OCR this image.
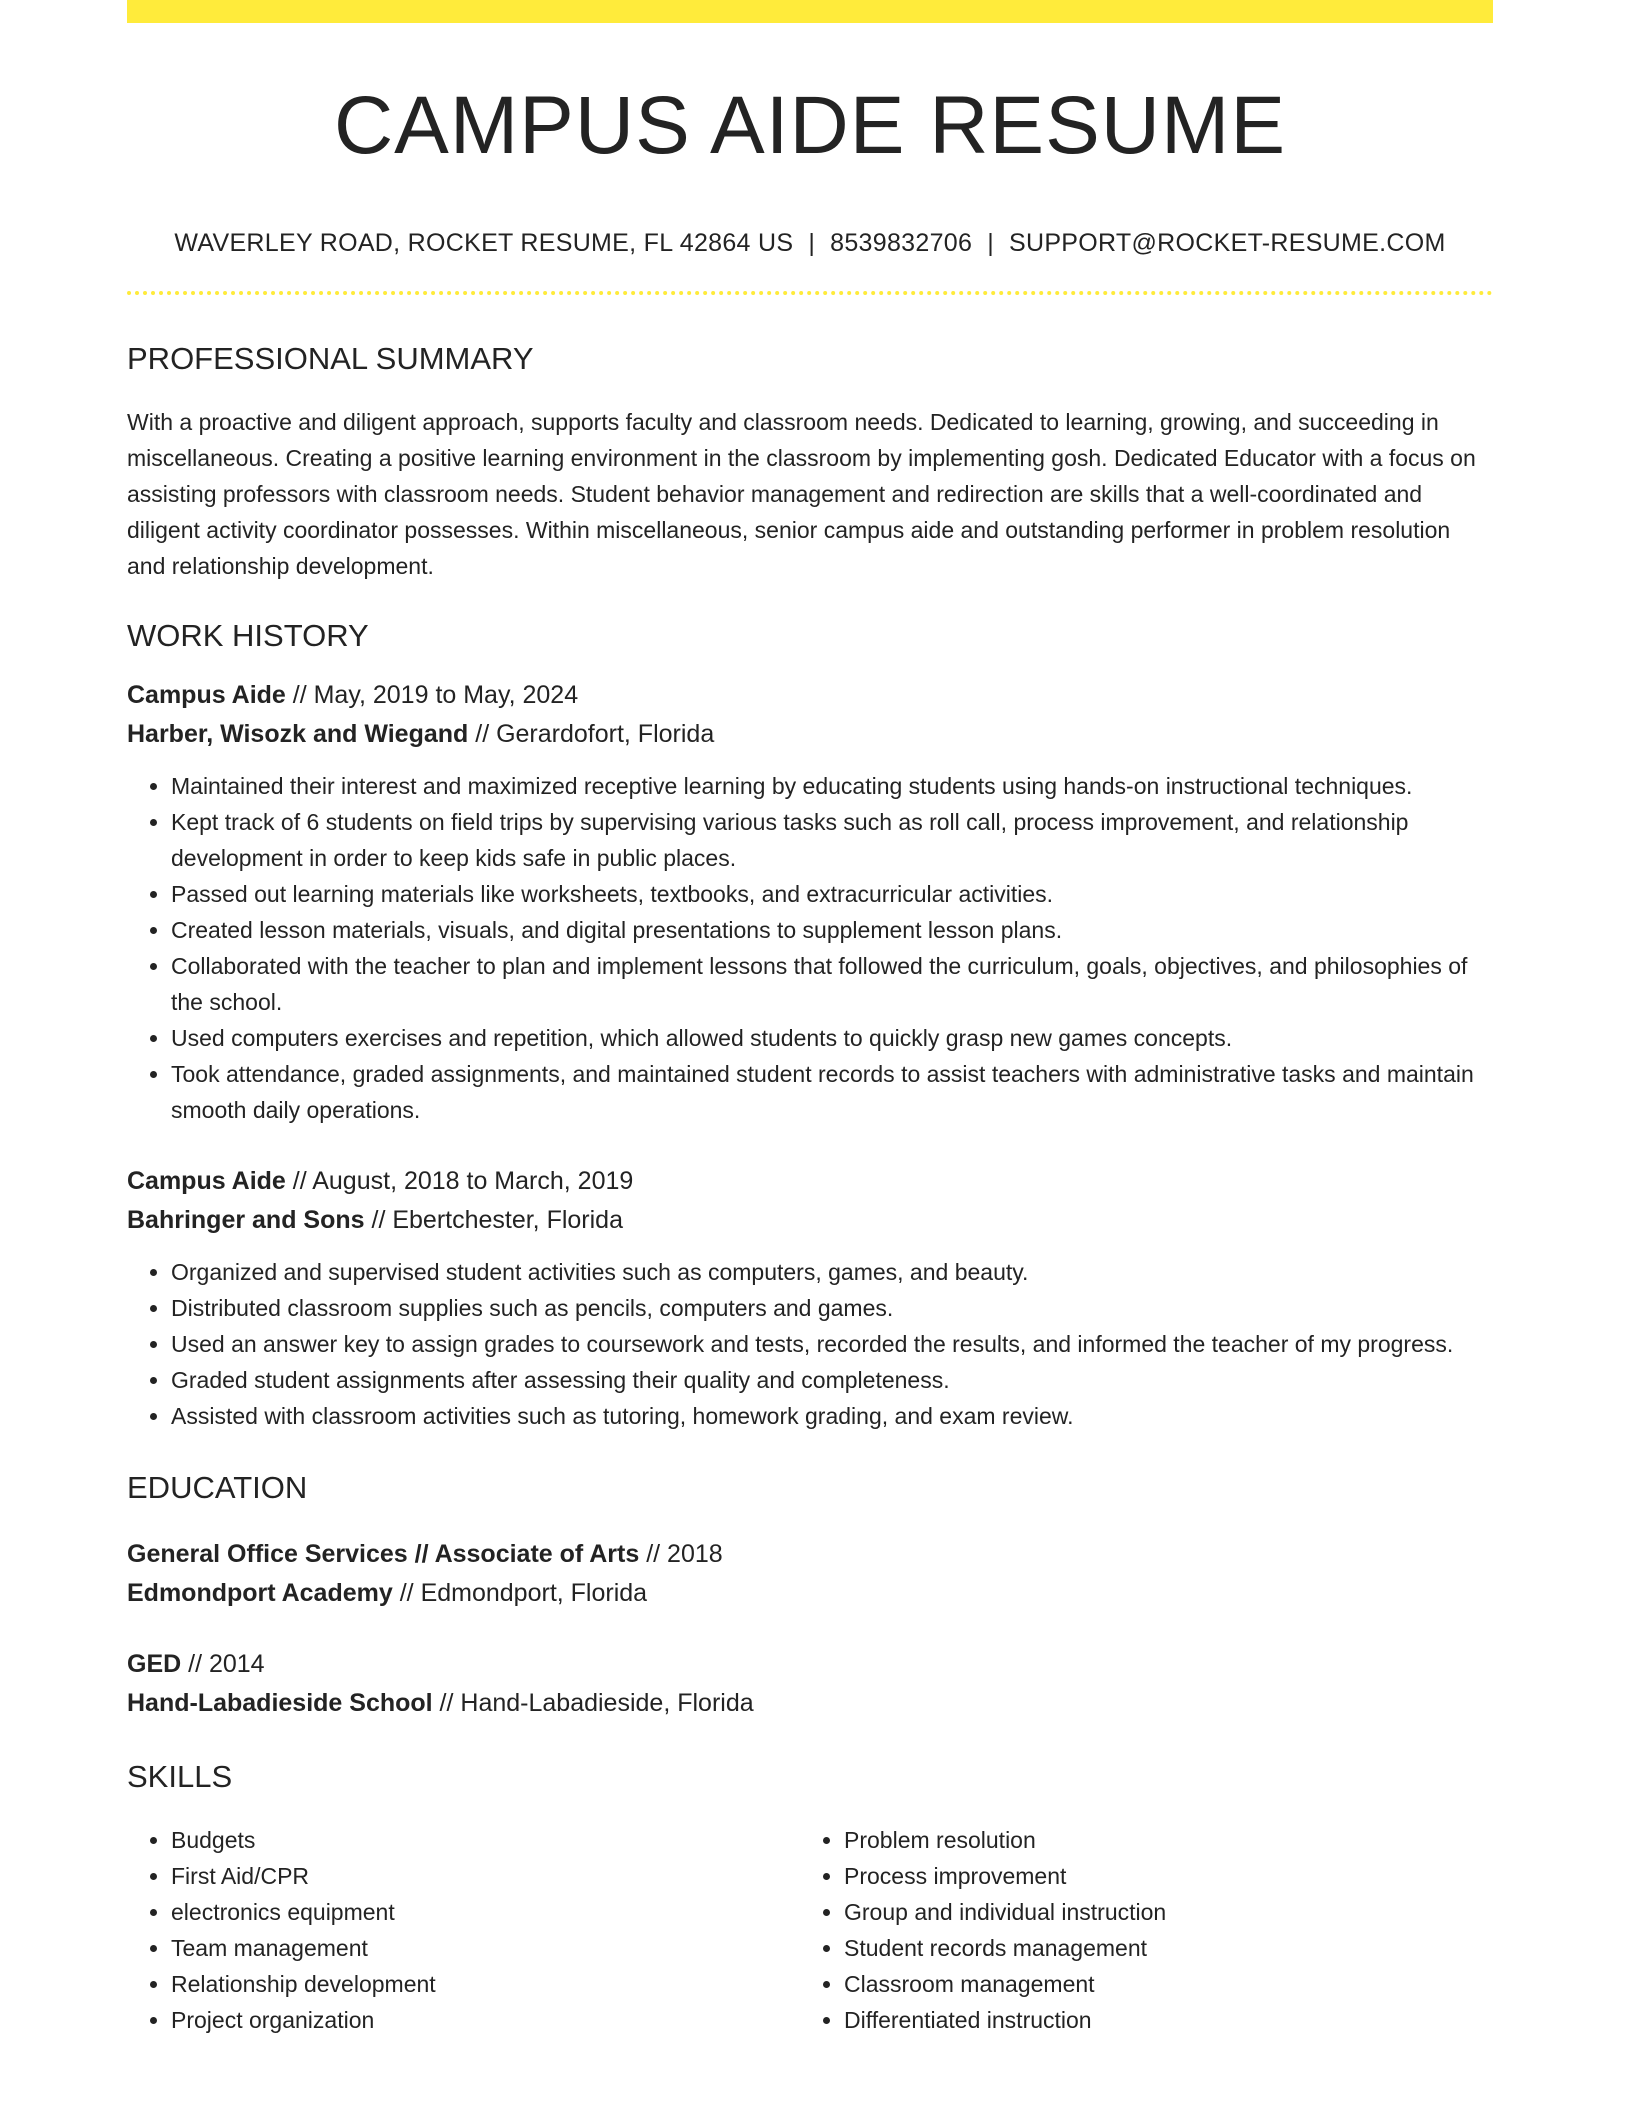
CAMPUS AIDE RESUME
WAVERLEY ROAD, ROCKET RESUME, FL 42864 US | 8539832706 | SUPPORT@ROCKET-RESUME.COM
PROFESSIONAL SUMMARY
With a proactive and diligent approach, supports faculty and classroom needs. Dedicated to learning, growing, and succeeding in miscellaneous. Creating a positive learning environment in the classroom by implementing gosh. Dedicated Educator with a focus on assisting professors with classroom needs. Student behavior management and redirection are skills that a well-coordinated and diligent activity coordinator possesses. Within miscellaneous, senior campus aide and outstanding performer in problem resolution and relationship development.
WORK HISTORY
Campus Aide // May, 2019 to May, 2024
Harber, Wisozk and Wiegand // Gerardofort, Florida
• Maintained their interest and maximized receptive learning by educating students using hands-on instructional techniques.
• Kept track of 6 students on field trips by supervising various tasks such as roll call, process improvement, and relationship development in order to keep kids safe in public places.
• Passed out learning materials like worksheets, textbooks, and extracurricular activities.
• Created lesson materials, visuals, and digital presentations to supplement lesson plans.
• Collaborated with the teacher to plan and implement lessons that followed the curriculum, goals, objectives, and philosophies of the school.
• Used computers exercises and repetition, which allowed students to quickly grasp new games concepts.
• Took attendance, graded assignments, and maintained student records to assist teachers with administrative tasks and maintain smooth daily operations.
Campus Aide // August, 2018 to March, 2019
Bahringer and Sons // Ebertchester, Florida
• Organized and supervised student activities such as computers, games, and beauty.
• Distributed classroom supplies such as pencils, computers and games.
• Used an answer key to assign grades to coursework and tests, recorded the results, and informed the teacher of my progress.
• Graded student assignments after assessing their quality and completeness.
• Assisted with classroom activities such as tutoring, homework grading, and exam review.
EDUCATION
General Office Services // Associate of Arts // 2018
Edmondport Academy // Edmondport, Florida
GED // 2014
Hand-Labadieside School // Hand-Labadieside, Florida
SKILLS
• Budgets
• First Aid/CPR
• electronics equipment
• Team management
• Relationship development
• Project organization
• Problem resolution
• Process improvement
• Group and individual instruction
• Student records management
• Classroom management
• Differentiated instruction
